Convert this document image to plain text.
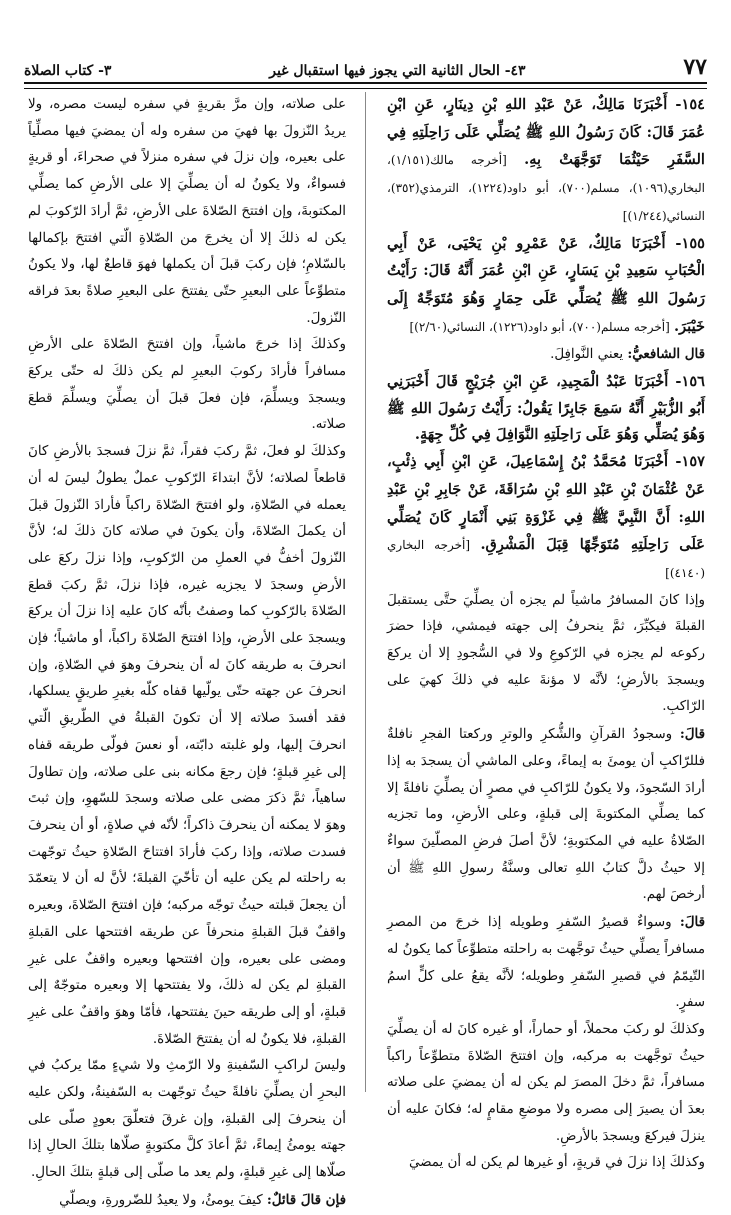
٧٧
٤٣- الحال الثانية التي يجوز فيها استقبال غير
٣- كتاب الصلاة

١٥٤- أَخْبَرَنَا مَالِكٌ، عَنْ عَبْدِ اللهِ بْنِ دِينَارٍ، عَنِ ابْنِ عُمَرَ قَالَ: كَانَ رَسُولُ اللهِ ﷺ يُصَلِّي عَلَى رَاحِلَتِهِ فِي السَّفَرِ حَيْثُمَا تَوَجَّهَتْ بِهِ. [أخرجه مالك(١/١٥١)، البخاري(١٠٩٦)، مسلم(٧٠٠)، أبو داود(١٢٢٤)، الترمذي(٣٥٢)، النسائي(١/٢٤٤)]

١٥٥- أَخْبَرَنَا مَالِكٌ، عَنْ عَمْرِو بْنِ يَحْيَى، عَنْ أَبِي الْحُبَابِ سَعِيدِ بْنِ يَسَارٍ، عَنِ ابْنِ عُمَرَ أَنَّهُ قَالَ: رَأَيْتُ رَسُولَ اللهِ ﷺ يُصَلِّي عَلَى حِمَارٍ وَهُوَ مُتَوَجِّهٌ إِلَى خَيْبَرَ. [أخرجه مسلم(٧٠٠)، أبو داود(١٢٢٦)، النسائي(٢/٦٠)]

قال الشافعيُّ: يعني النَّوافِلَ.

١٥٦- أَخْبَرَنَا عَبْدُ الْمَجِيدِ، عَنِ ابْنِ جُرَيْجٍ قَالَ أَخْبَرَنِي أَبُو الزُّبَيْرِ أَنَّهُ سَمِعَ جَابِرًا يَقُولُ: رَأَيْتُ رَسُولَ اللهِ ﷺ وَهُوَ يُصَلِّي وَهُوَ عَلَى رَاحِلَتِهِ النَّوَافِلَ فِي كُلِّ جِهَةٍ.

١٥٧- أَخْبَرَنَا مُحَمَّدُ بْنُ إِسْمَاعِيلَ، عَنِ ابْنِ أَبِي ذِئْبٍ، عَنْ عُثْمَانَ بْنِ عَبْدِ اللهِ بْنِ سُرَاقَةَ، عَنْ جَابِرِ بْنِ عَبْدِ اللهِ: أَنَّ النَّبِيَّ ﷺ فِي غَزْوَةِ بَنِي أَنْمَارٍ كَانَ يُصَلِّي عَلَى رَاحِلَتِهِ مُتَوَجِّهًا قِبَلَ الْمَشْرِقِ. [أخرجه البخاري (٤١٤٠)]

وإذا كانَ المسافرُ ماشياً لم يجزه أن يصلِّيَ حتَّى يستقبلَ القبلةَ فيكبِّرَ، ثمَّ ينحرفُ إلى جهته فيمشي، فإذا حضرَ ركوعه لم يجزه في الرّكوعِ ولا في السُّجودِ إلا أن يركعَ ويسجدَ بالأرضِ؛ لأنَّه لا مؤنةَ عليه في ذلكَ كهيَ على الرّاكبِ.

قالَ: وسجودُ القرآنِ والشُّكرِ والوترِ وركعتا الفجرِ نافلةٌ فللرّاكبِ أن يومئَ به إيماءً، وعلى الماشي أن يسجدَ به إذا أرادَ السّجودَ، ولا يكونُ للرّاكبِ في مصرٍ أن يصلِّيَ نافلةً إلا كما يصلِّي المكتوبةَ إلى قبلةٍ، وعلى الأرضِ، وما تجزيه الصّلاةُ عليه في المكتوبةِ؛ لأنَّ أصلَ فرضِ المصلّينَ سواءٌ إلا حيثُ دلَّ كتابُ اللهِ تعالى وسنَّةُ رسولِ اللهِ ﷺ أن أرخصَ لهم.

قالَ: وسواءٌ قصيرُ السّفرِ وطويله إذا خرجَ من المصرِ مسافراً يصلِّي حيثُ توجَّهت به راحلته متطوِّعاً كما يكونُ له التّيمّمُ في قصيرِ السّفرِ وطويله؛ لأنَّه يقعُ على كلٍّ اسمُ سفرٍ.

وكذلكَ لو ركبَ محملاً، أو حماراً، أو غيره كانَ له أن يصلِّيَ حيثُ توجَّهت به مركبه، وإن افتتحَ الصّلاةَ متطوِّعاً راكباً مسافراً، ثمَّ دخلَ المصرَ لم يكن له أن يمضيَ على صلاته بعدَ أن يصيرَ إلى مصره ولا موضعِ مقامٍ له؛ فكانَ عليه أن ينزلَ فيركعَ ويسجدَ بالأرضِ.

وكذلكَ إذا نزلَ في قريةٍ، أو غيرها لم يكن له أن يمضيَ

على صلاته، وإن مرَّ بقريةٍ في سفره ليست مصره، ولا يريدُ النّزولَ بها فهيَ من سفره وله أن يمضيَ فيها مصلِّياً على بعيره، وإن نزلَ في سفره منزلاً في صحراءَ، أو قريةٍ فسواءٌ، ولا يكونُ له أن يصلِّيَ إلا على الأرضِ كما يصلِّي المكتوبةَ، وإن افتتحَ الصّلاةَ على الأرضِ، ثمَّ أرادَ الرّكوبَ لم يكن له ذلكَ إلا أن يخرجَ من الصّلاةِ الّتي افتتحَ بإكمالها بالسّلامِ؛ فإن ركبَ قبلَ أن يكملها فهوَ قاطعٌ لها، ولا يكونُ متطوِّعاً على البعيرِ حتّى يفتتحَ على البعيرِ صلاةً بعدَ فراقه النّزولَ.

وكذلكَ إذا خرجَ ماشياً، وإن افتتحَ الصّلاةَ على الأرضِ مسافراً فأرادَ ركوبَ البعيرِ لم يكن ذلكَ له حتّى يركعَ ويسجدَ ويسلِّمَ، فإن فعلَ قبلَ أن يصلِّيَ ويسلِّمَ قطعَ صلاته.

وكذلكَ لو فعلَ، ثمَّ ركبَ فقراً، ثمَّ نزلَ فسجدَ بالأرضِ كانَ قاطعاً لصلاته؛ لأنَّ ابتداءَ الرّكوبِ عملٌ يطولُ ليسَ له أن يعمله في الصّلاةِ، ولو افتتحَ الصّلاةَ راكباً فأرادَ النّزولَ قبلَ أن يكملَ الصّلاةَ، وأن يكونَ في صلاته كانَ ذلكَ له؛ لأنَّ النّزولَ أخفُّ في العملِ من الرّكوبِ، وإذا نزلَ ركعَ على الأرضِ وسجدَ لا يجزيه غيره، فإذا نزلَ، ثمَّ ركبَ قطعَ الصّلاةَ بالرّكوبِ كما وصفتُ بأنّه كانَ عليه إذا نزلَ أن يركعَ ويسجدَ على الأرضِ، وإذا افتتحَ الصّلاةَ راكباً، أو ماشياً؛ فإن انحرفَ به طريقه كانَ له أن ينحرفَ وهوَ في الصّلاةِ، وإن انحرفَ عن جهته حتّى يولّيها قفاه كلّه بغيرِ طريقٍ يسلكها، فقد أفسدَ صلاته إلا أن تكونَ القبلةُ في الطّريقِ الّتي انحرفَ إليها، ولو غلبته دابّته، أو نعسَ فولّى طريقه قفاه إلى غيرِ قبلةٍ؛ فإن رجعَ مكانه بنى على صلاته، وإن تطاولَ ساهياً، ثمَّ ذكرَ مضى على صلاته وسجدَ للسّهوِ، وإن ثبتَ وهوَ لا يمكنه أن ينحرفَ ذاكراً؛ لأنّه في صلاةٍ، أو أن ينحرفَ فسدت صلاته، وإذا ركبَ فأرادَ افتتاحَ الصّلاةِ حيثُ توجّهت به راحلته لم يكن عليه أن تأخّيَ القبلةَ؛ لأنَّ له أن لا يتعمّدَ أن يجعلَ قبلته حيثُ توجّه مركبه؛ فإن افتتحَ الصّلاةَ، وبعيره واقفٌ قبلَ القبلةِ منحرفاً عن طريقه افتتحها على القبلةِ ومضى على بعيره، وإن افتتحها وبعيره واقفٌ على غيرِ القبلةِ لم يكن له ذلكَ، ولا يفتتحها إلا وبعيره متوجّهٌ إلى قبلةٍ، أو إلى طريقه حينَ يفتتحها، فأمّا وهوَ واقفٌ على غيرِ القبلةِ، فلا يكونُ له أن يفتتحَ الصّلاةَ.

وليسَ لراكبِ السّفينةِ ولا الرّمثِ ولا شيءٍ ممّا يركبُ في البحرِ أن يصلِّيَ نافلةً حيثُ توجّهت به السّفينةُ، ولكن عليه أن ينحرفَ إلى القبلةِ، وإن غرقَ فتعلّقَ بعودٍ صلّى على جهته يومئُ إيماءً، ثمَّ أعادَ كلَّ مكتوبةٍ صلّاها بتلكَ الحالِ إذا صلّاها إلى غيرِ قبلةٍ، ولم يعد ما صلّى إلى قبلةٍ بتلكَ الحالِ.

فإن قالَ قائلٌ: كيفَ يومئُ، ولا يعيدُ للضّرورةِ، ويصلّي
